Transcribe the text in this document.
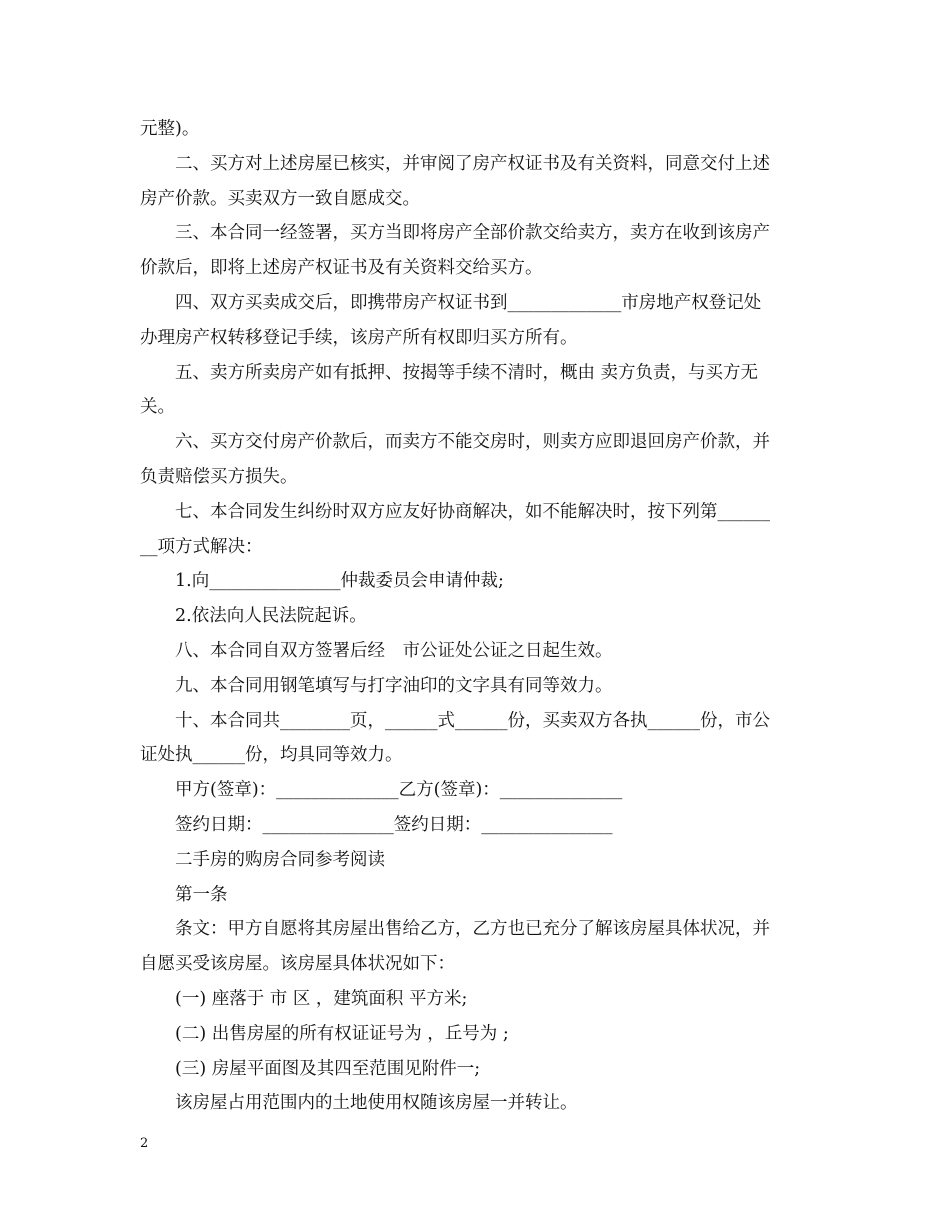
元整)。
二、买方对上述房屋已核实，并审阅了房产权证书及有关资料，同意交付上述
房产价款。买卖双方一致自愿成交。
三、本合同一经签署，买方当即将房产全部价款交给卖方，卖方在收到该房产
价款后，即将上述房产权证书及有关资料交给买方。
四、双方买卖成交后，即携带房产权证书到_____________市房地产权登记处
办理房产权转移登记手续，该房产所有权即归买方所有。
五、卖方所卖房产如有抵押、按揭等手续不清时，概由 卖方负责，与买方无
关。
六、买方交付房产价款后，而卖方不能交房时，则卖方应即退回房产价款，并
负责赔偿买方损失。
七、本合同发生纠纷时双方应友好协商解决，如不能解决时，按下列第______
__项方式解决：
1.向_______________仲裁委员会申请仲裁;
2.依法向人民法院起诉。
八、本合同自双方签署后经　市公证处公证之日起生效。
九、本合同用钢笔填写与打字油印的文字具有同等效力。
十、本合同共________页，______式______份，买卖双方各执______份，市公
证处执______份，均具同等效力。
甲方(签章)：______________乙方(签章)：______________
签约日期：_______________签约日期：_______________
二手房的购房合同参考阅读
第一条
条文：甲方自愿将其房屋出售给乙方，乙方也已充分了解该房屋具体状况，并
自愿买受该房屋。该房屋具体状况如下：
(一) 座落于 市 区 ，建筑面积 平方米;
(二) 出售房屋的所有权证证号为 ，丘号为 ;
(三) 房屋平面图及其四至范围见附件一;
该房屋占用范围内的土地使用权随该房屋一并转让。
2
